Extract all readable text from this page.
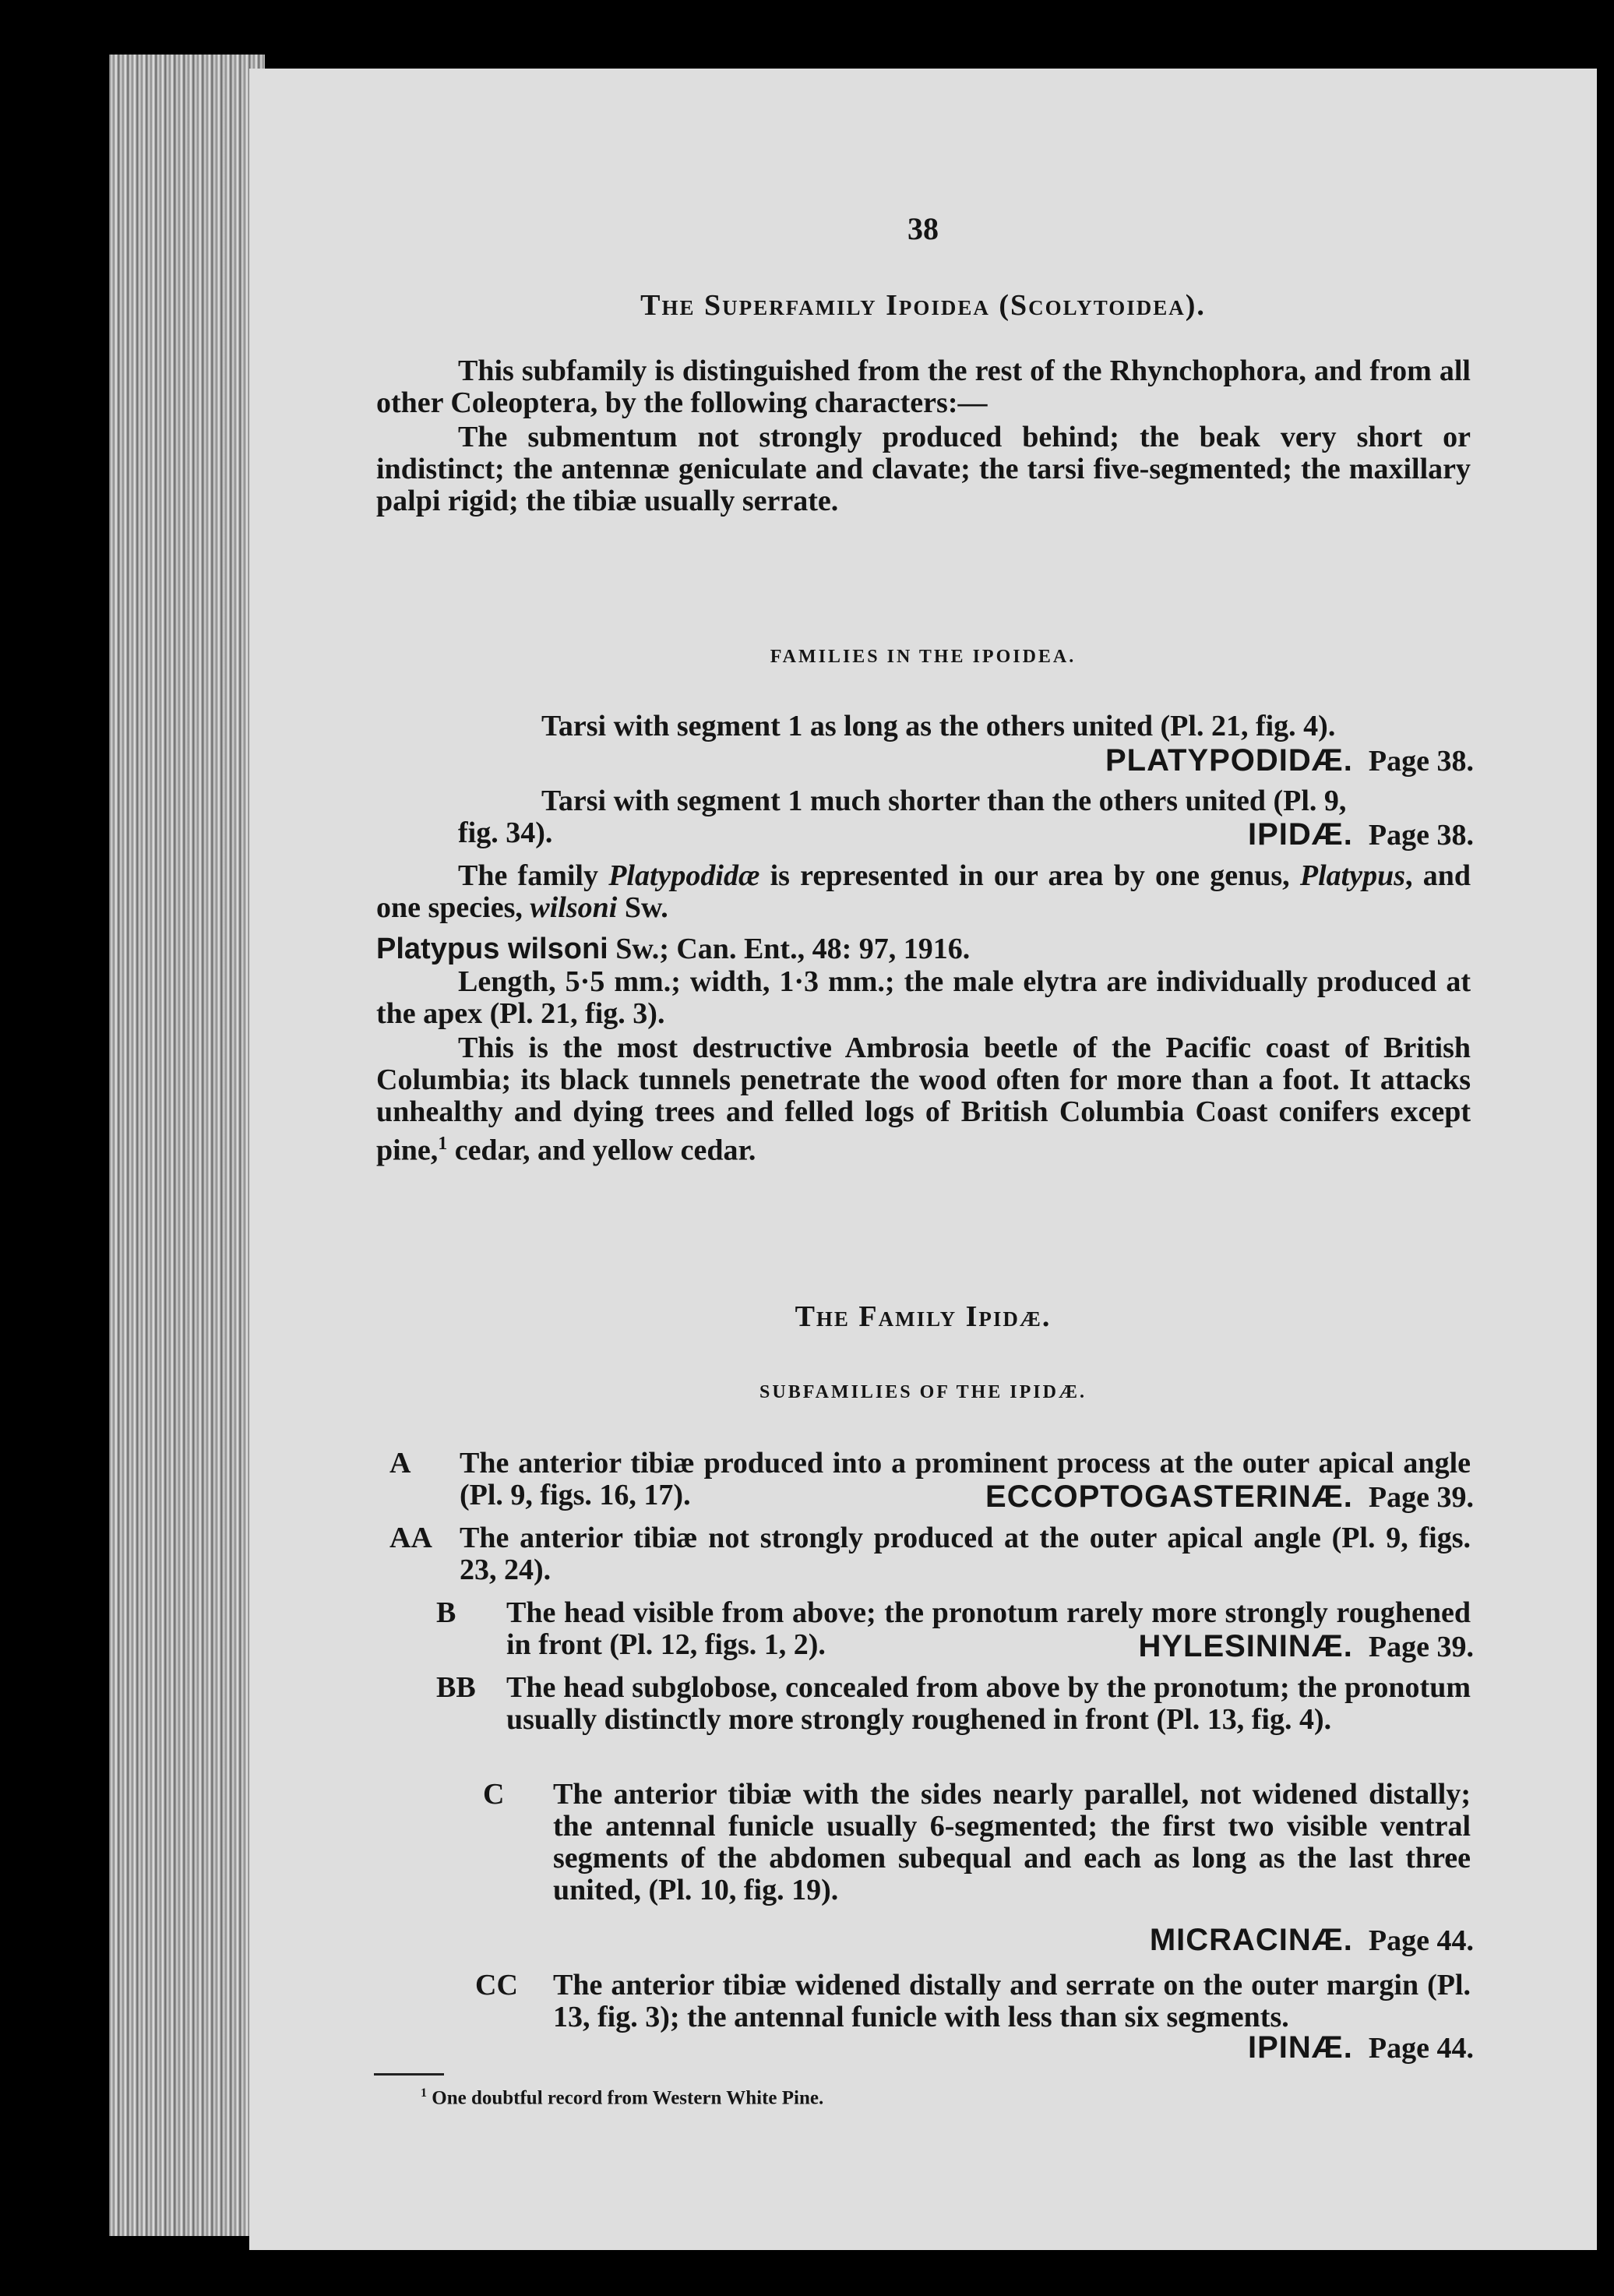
38
The Superfamily Ipoidea (Scolytoidea).

This subfamily is distinguished from the rest of the Rhynchophora, and from all other Coleoptera, by the following characters:—

The submentum not strongly produced behind; the beak very short or indistinct; the antennæ geniculate and clavate; the tarsi five-segmented; the maxillary palpi rigid; the tibiæ usually serrate.

FAMILIES IN THE IPOIDEA.

Tarsi with segment 1 as long as the others united (Pl. 21, fig. 4).

PLATYPODIDÆ. Page 38.

Tarsi with segment 1 much shorter than the others united (Pl. 9,

fig. 34).	IPIDÆ. Page 38.

The family Platypodidæ is represented in our area by one genus, Platypus, and one species, wilsoni Sw.

Platypus wilsoni Sw.; Can. Ent., 48: 97, 1916.

Length, 5·5 mm.; width, 1·3 mm.; the male elytra are individually produced at the apex (Pl. 21, fig. 3).

This is the most destructive Ambrosia beetle of the Pacific coast of British Columbia; its black tunnels penetrate the wood often for more than a foot. It attacks unhealthy and dying trees and felled logs of British Columbia Coast conifers except pine,$^1$ cedar, and yellow cedar.

The Family Ipidæ.
SUBFAMILIES OF THE IPIDÆ.
A	The anterior tibiæ produced into a prominent process at the outer apical angle (Pl. 9, figs. 16, 17).	ECCOPTOGASTERINÆ. Page 39.
AA The anterior tibiæ not strongly produced at the outer apical angle (Pl. 9, figs. 23, 24).
B	The head visible from above; the pronotum rarely more strongly roughened in front (Pl. 12, figs. 1, 2).	HYLESININÆ. Page 39.
BB The head subglobose, concealed from above by the pronotum; the pronotum usually distinctly more strongly roughened in front (Pl. 13, fig. 4).
C	The anterior tibiæ with the sides nearly parallel, not widened distally; the antennal funicle usually 6-segmented; the first two visible ventral segments of the abdomen subequal and each as long as the last three united, (Pl. 10, fig. 19).
MICRACINÆ. Page 44.
CC The anterior tibiæ widened distally and serrate on the outer margin (Pl. 13, fig. 3); the antennal funicle with less than six segments.
IPINÆ. Page 44.
$^1$ One doubtful record from Western White Pine.
